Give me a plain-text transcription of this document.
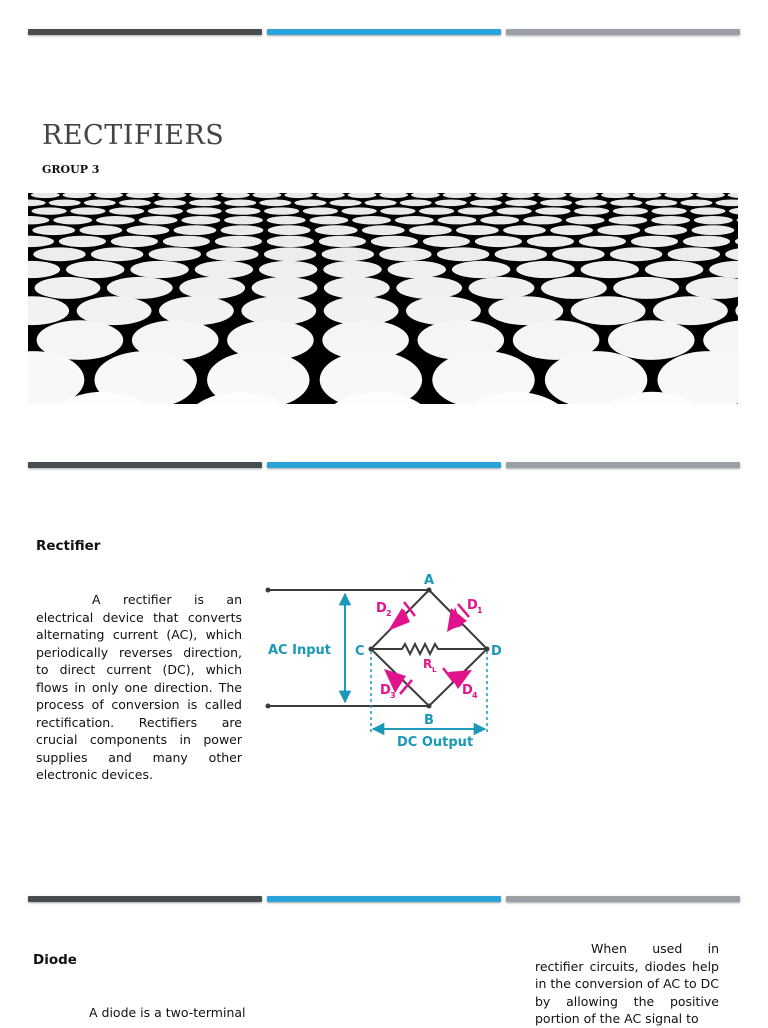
RECTIFIERS
GROUP 3
Rectifier

A rectifier is an electrical device that converts alternating current (AC), which periodically reverses direction, to direct current (DC), which flows in only one direction. The process of conversion is called rectification. Rectifiers are crucial components in power supplies and many other electronic devices.

A
B
C	D
D 2
D 1
D 3	D 4
R L
AC Input
DC Output
Diode

A diode is a two-terminal

When used in rectifier circuits, diodes help in the conversion of AC to DC by allowing the positive portion of the AC signal to
